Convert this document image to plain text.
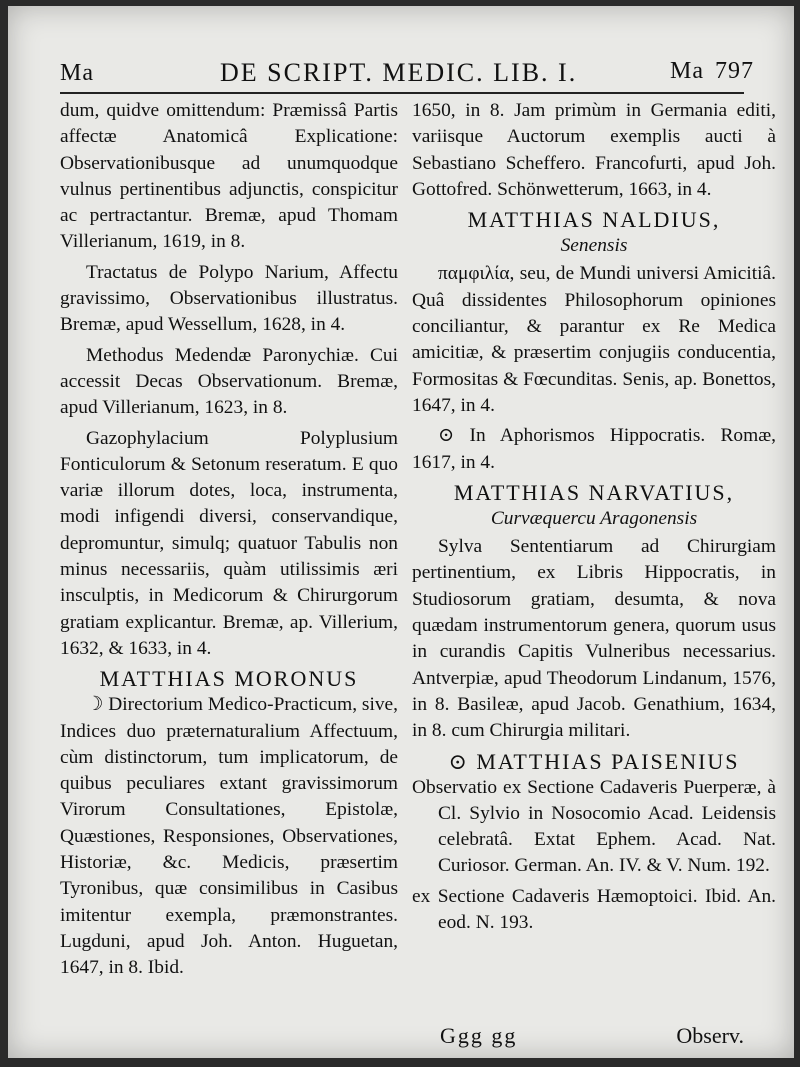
Ma	DE SCRIPT. MEDIC. LIB. I.	Ma 797

dum, quidve omittendum: Præmissâ Partis affectæ Anatomicâ Explicatione: Observationibusque ad unumquodque vulnus pertinentibus adjunctis, conspicitur ac pertractantur. Bremæ, apud Thomam Villerianum, 1619, in 8.

Tractatus de Polypo Narium, Affectu gravissimo, Observationibus illustratus. Bremæ, apud Wessellum, 1628, in 4.

Methodus Medendæ Paronychiæ. Cui accessit Decas Observationum. Bremæ, apud Villerianum, 1623, in 8.

Gazophylacium Polyplusium Fonticulorum & Setonum reseratum. E quo variæ illorum dotes, loca, instrumenta, modi infigendi diversi, conservandique, depromuntur, simulq; quatuor Tabulis non minus necessariis, quàm utilissimis æri insculptis, in Medicorum & Chirurgorum gratiam explicantur. Bremæ, ap. Villerium, 1632, & 1633, in 4.

MATTHIAS MORONUS

☽ Directorium Medico-Practicum, sive, Indices duo præternaturalium Affectuum, cùm distinctorum, tum implicatorum, de quibus peculiares extant gravissimorum Virorum Consultationes, Epistolæ, Quæstiones, Responsiones, Observationes, Historiæ, &c. Medicis, præsertim Tyronibus, quæ consimilibus in Casibus imitentur exempla, præmonstrantes. Lugduni, apud Joh. Anton. Huguetan, 1647, in 8. Ibid.

1650, in 8. Jam primùm in Germania editi, variisque Auctorum exemplis aucti à Sebastiano Scheffero. Francofurti, apud Joh. Gottofred. Schönwetterum, 1663, in 4.

MATTHIAS NALDIUS,
Senensis

παμφιλία, seu, de Mundi universi Amicitiâ. Quâ dissidentes Philosophorum opiniones conciliantur, & parantur ex Re Medica amicitiæ, & præsertim conjugiis conducentia, Formositas & Fœcunditas. Senis, ap. Bonettos, 1647, in 4.

⊙ In Aphorismos Hippocratis. Romæ, 1617, in 4.

MATTHIAS NARVATIUS,
Curvæquercu Aragonensis

Sylva Sententiarum ad Chirurgiam pertinentium, ex Libris Hippocratis, in Studiosorum gratiam, desumta, & nova quædam instrumentorum genera, quorum usus in curandis Capitis Vulneribus necessarius. Antverpiæ, apud Theodorum Lindanum, 1576, in 8. Basileæ, apud Jacob. Genathium, 1634, in 8. cum Chirurgia militari.

⊙ MATTHIAS PAISENIUS

Observatio ex Sectione Cadaveris Puerperæ, à Cl. Sylvio in Nosocomio Acad. Leidensis celebratâ. Extat Ephem. Acad. Nat. Curiosor. German. An. IV. & V. Num. 192.

ex Sectione Cadaveris Hæmoptoici. Ibid. An. eod. N. 193.

Ggg gg	Observ.
